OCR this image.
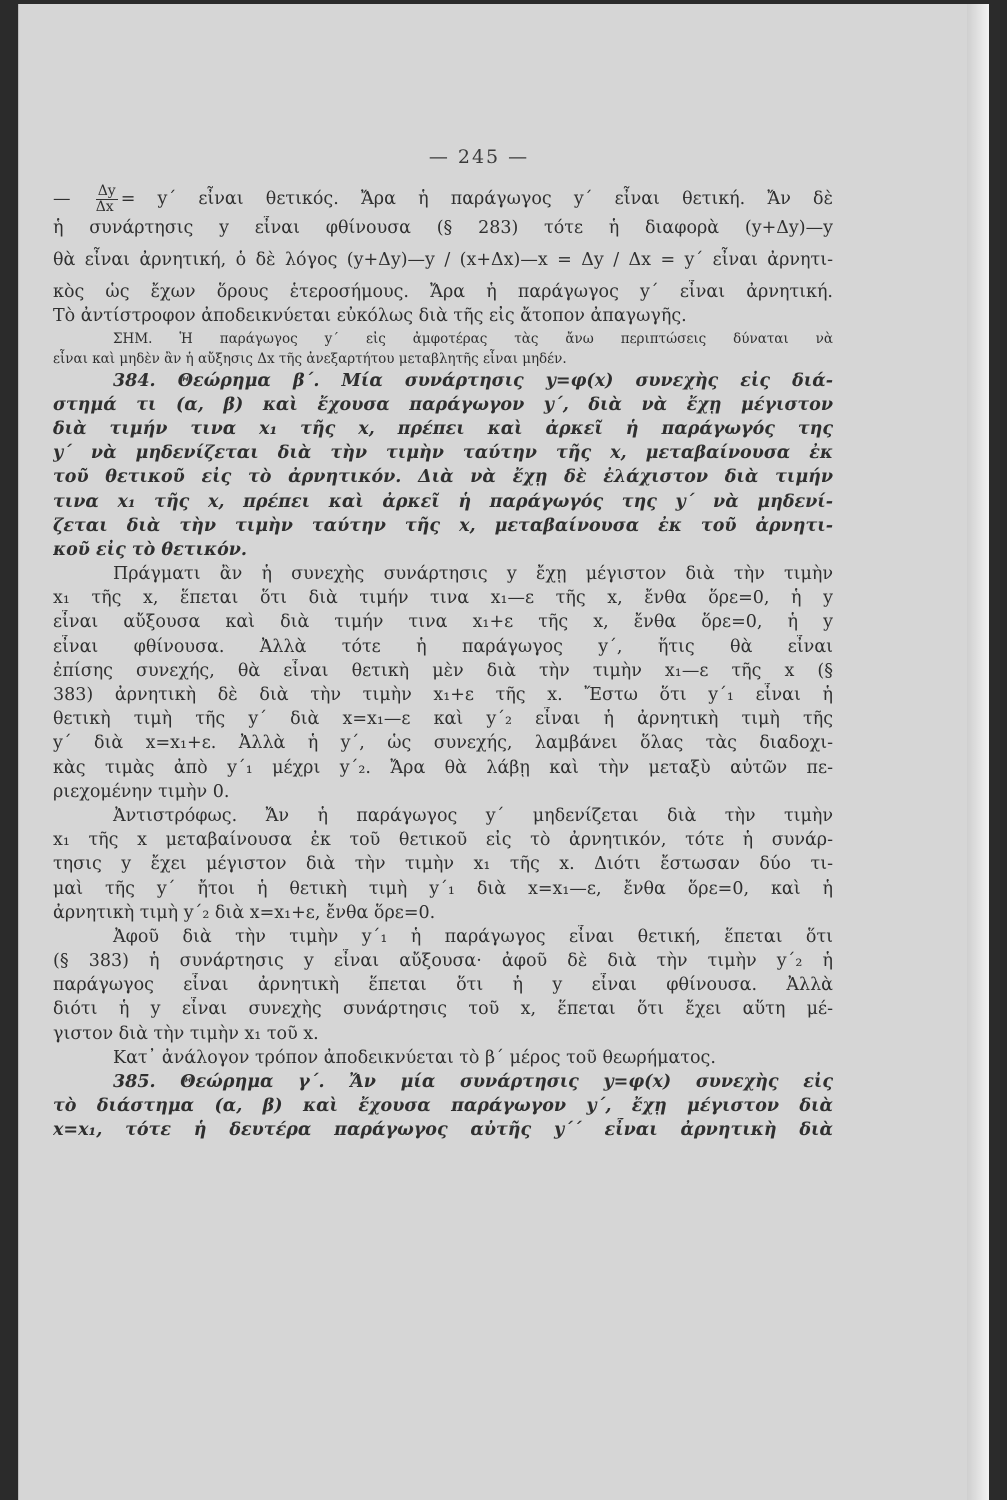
— 245 —
— $\frac{\Delta y}{\Delta x} = y΄$ εἶναι θετικός. Ἄρα ἡ παράγωγος y΄ εἶναι θετική. Ἄν δὲ
ἡ συνάρτησις y εἶναι φθίνουσα (§ 283) τότε ἡ διαφορὰ (y+Δy)—y
θὰ εἶναι ἀρνητική, ὁ δὲ λόγος (y+Δy)—y / (x+Δx)—x = Δy / Δx = y΄ εἶναι ἀρνητι-
κὸς ὡς ἔχων ὅρους ἑτεροσήμους. Ἄρα ἡ παράγωγος y΄ εἶναι ἀρνητική.
Τὸ ἀντίστροφον ἀποδεικνύεται εὐκόλως διὰ τῆς εἰς ἄτοπον ἀπαγωγῆς.
ΣΗΜ. Ἡ παράγωγος y΄ εἰς ἀμφοτέρας τὰς ἄνω περιπτώσεις δύναται νὰ
εἶναι καὶ μηδὲν ἂν ἡ αὔξησις Δx τῆς ἀνεξαρτήτου μεταβλητῆς εἶναι μηδέν.
384. Θεώρημα β΄. Μία συνάρτησις y=φ(x) συνεχὴς εἰς διά-
στημά τι (α, β) καὶ ἔχουσα παράγωγον y΄, διὰ νὰ ἔχῃ μέγιστον
διὰ τιμήν τινα x₁ τῆς x, πρέπει καὶ ἀρκεῖ ἡ παράγωγός της
y΄ νὰ μηδενίζεται διὰ τὴν τιμὴν ταύτην τῆς x, μεταβαίνουσα ἐκ
τοῦ θετικοῦ εἰς τὸ ἀρνητικόν. Διὰ νὰ ἔχῃ δὲ ἐλάχιστον διὰ τιμήν
τινα x₁ τῆς x, πρέπει καὶ ἀρκεῖ ἡ παράγωγός της y΄ νὰ μηδενί-
ζεται διὰ τὴν τιμὴν ταύτην τῆς x, μεταβαίνουσα ἐκ τοῦ ἀρνητι-
κοῦ εἰς τὸ θετικόν.
Πράγματι ἂν ἡ συνεχὴς συνάρτησις y ἔχῃ μέγιστον διὰ τὴν τιμὴν
x₁ τῆς x, ἕπεται ὅτι διὰ τιμήν τινα x₁—ε τῆς x, ἔνθα ὅρε=0, ἡ y
εἶναι αὔξουσα καὶ διὰ τιμήν τινα x₁+ε τῆς x, ἔνθα ὅρε=0, ἡ y
εἶναι φθίνουσα. Ἀλλὰ τότε ἡ παράγωγος y΄, ἥτις θὰ εἶναι
ἐπίσης συνεχής, θὰ εἶναι θετικὴ μὲν διὰ τὴν τιμὴν x₁—ε τῆς x (§
383) ἀρνητικὴ δὲ διὰ τὴν τιμὴν x₁+ε τῆς x. Ἔστω ὅτι y΄₁ εἶναι ἡ
θετικὴ τιμὴ τῆς y΄ διὰ x=x₁—ε καὶ y΄₂ εἶναι ἡ ἀρνητικὴ τιμὴ τῆς
y΄ διὰ x=x₁+ε. Ἀλλὰ ἡ y΄, ὡς συνεχής, λαμβάνει ὅλας τὰς διαδοχι-
κὰς τιμὰς ἀπὸ y΄₁ μέχρι y΄₂. Ἄρα θὰ λάβῃ καὶ τὴν μεταξὺ αὐτῶν πε-
ριεχομένην τιμὴν 0.
Ἀντιστρόφως. Ἄν ἡ παράγωγος y΄ μηδενίζεται διὰ τὴν τιμὴν
x₁ τῆς x μεταβαίνουσα ἐκ τοῦ θετικοῦ εἰς τὸ ἀρνητικόν, τότε ἡ συνάρ-
τησις y ἔχει μέγιστον διὰ τὴν τιμὴν x₁ τῆς x. Διότι ἔστωσαν δύο τι-
μαὶ τῆς y΄ ἤτοι ἡ θετικὴ τιμὴ y΄₁ διὰ x=x₁—ε, ἔνθα ὅρε=0, καὶ ἡ
ἀρνητικὴ τιμὴ y΄₂ διὰ x=x₁+ε, ἔνθα ὅρε=0.
Ἀφοῦ διὰ τὴν τιμὴν y΄₁ ἡ παράγωγος εἶναι θετική, ἕπεται ὅτι
(§ 383) ἡ συνάρτησις y εἶναι αὔξουσα· ἀφοῦ δὲ διὰ τὴν τιμὴν y΄₂ ἡ
παράγωγος εἶναι ἀρνητικὴ ἕπεται ὅτι ἡ y εἶναι φθίνουσα. Ἀλλὰ
διότι ἡ y εἶναι συνεχὴς συνάρτησις τοῦ x, ἕπεται ὅτι ἔχει αὕτη μέ-
γιστον διὰ τὴν τιμὴν x₁ τοῦ x.
Κατ᾽ ἀνάλογον τρόπον ἀποδεικνύεται τὸ β΄ μέρος τοῦ θεωρήματος.
385. Θεώρημα γ΄. Ἄν μία συνάρτησις y=φ(x) συνεχὴς εἰς
τὸ διάστημα (α, β) καὶ ἔχουσα παράγωγον y΄, ἔχῃ μέγιστον διὰ
x=x₁, τότε ἡ δευτέρα παράγωγος αὐτῆς y΄΄ εἶναι ἀρνητικὴ διὰ
